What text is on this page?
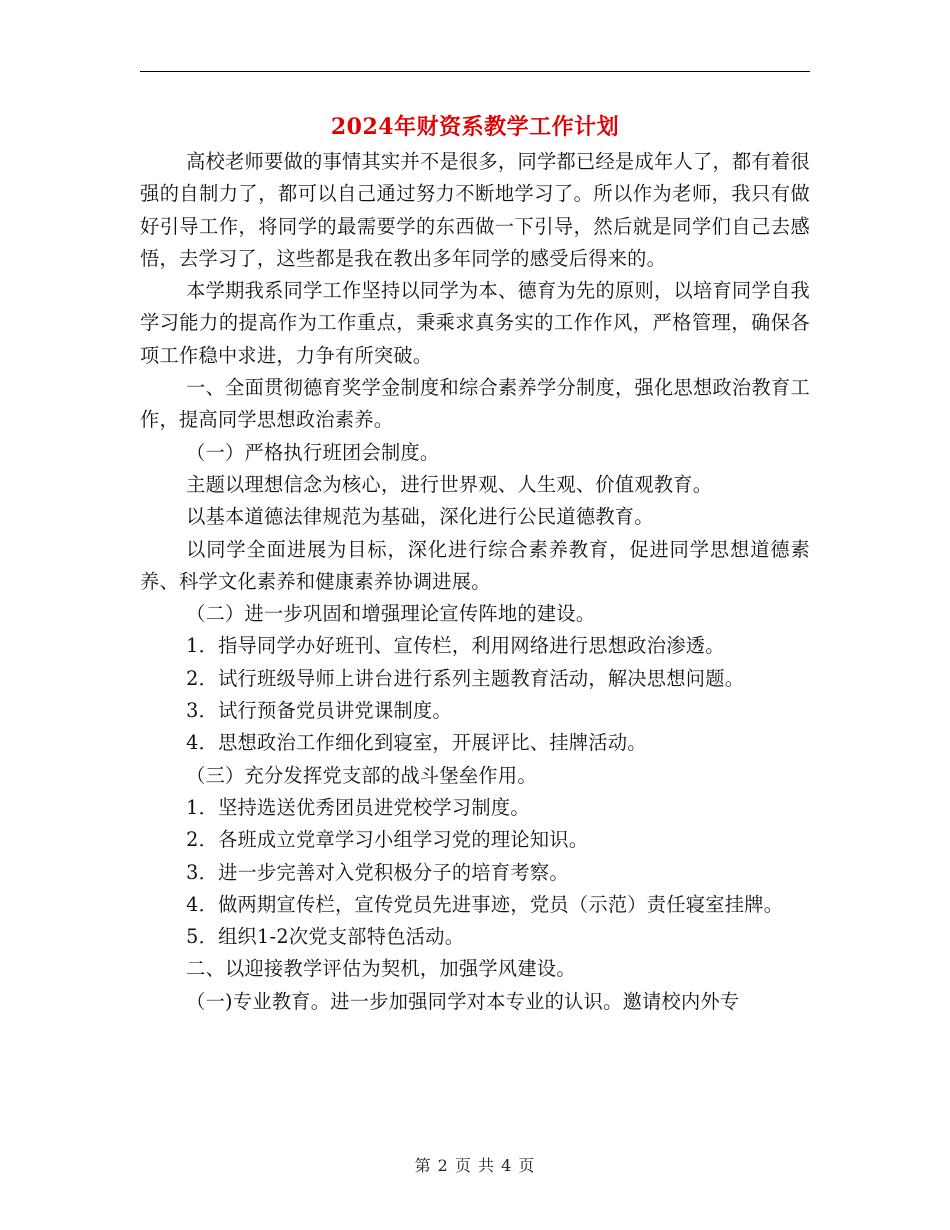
2024年财资系教学工作计划

高校老师要做的事情其实并不是很多，同学都已经是成年人了，都有着很强的自制力了，都可以自己通过努力不断地学习了。所以作为老师，我只有做好引导工作，将同学的最需要学的东西做一下引导，然后就是同学们自己去感悟，去学习了，这些都是我在教出多年同学的感受后得来的。

本学期我系同学工作坚持以同学为本、德育为先的原则，以培育同学自我学习能力的提高作为工作重点，秉乘求真务实的工作作风，严格管理，确保各项工作稳中求进，力争有所突破。

一、全面贯彻德育奖学金制度和综合素养学分制度，强化思想政治教育工作，提高同学思想政治素养。

（一）严格执行班团会制度。

主题以理想信念为核心，进行世界观、人生观、价值观教育。

以基本道德法律规范为基础，深化进行公民道德教育。

以同学全面进展为目标，深化进行综合素养教育，促进同学思想道德素养、科学文化素养和健康素养协调进展。

（二）进一步巩固和增强理论宣传阵地的建设。

1．指导同学办好班刊、宣传栏，利用网络进行思想政治渗透。

2．试行班级导师上讲台进行系列主题教育活动，解决思想问题。

3．试行预备党员讲党课制度。

4．思想政治工作细化到寝室，开展评比、挂牌活动。

（三）充分发挥党支部的战斗堡垒作用。

1．坚持选送优秀团员进党校学习制度。

2．各班成立党章学习小组学习党的理论知识。

3．进一步完善对入党积极分子的培育考察。

4．做两期宣传栏，宣传党员先进事迹，党员（示范）责任寝室挂牌。

5．组织1-2次党支部特色活动。

二、以迎接教学评估为契机，加强学风建设。

（一)专业教育。进一步加强同学对本专业的认识。邀请校内外专

第 2 页 共 4 页
